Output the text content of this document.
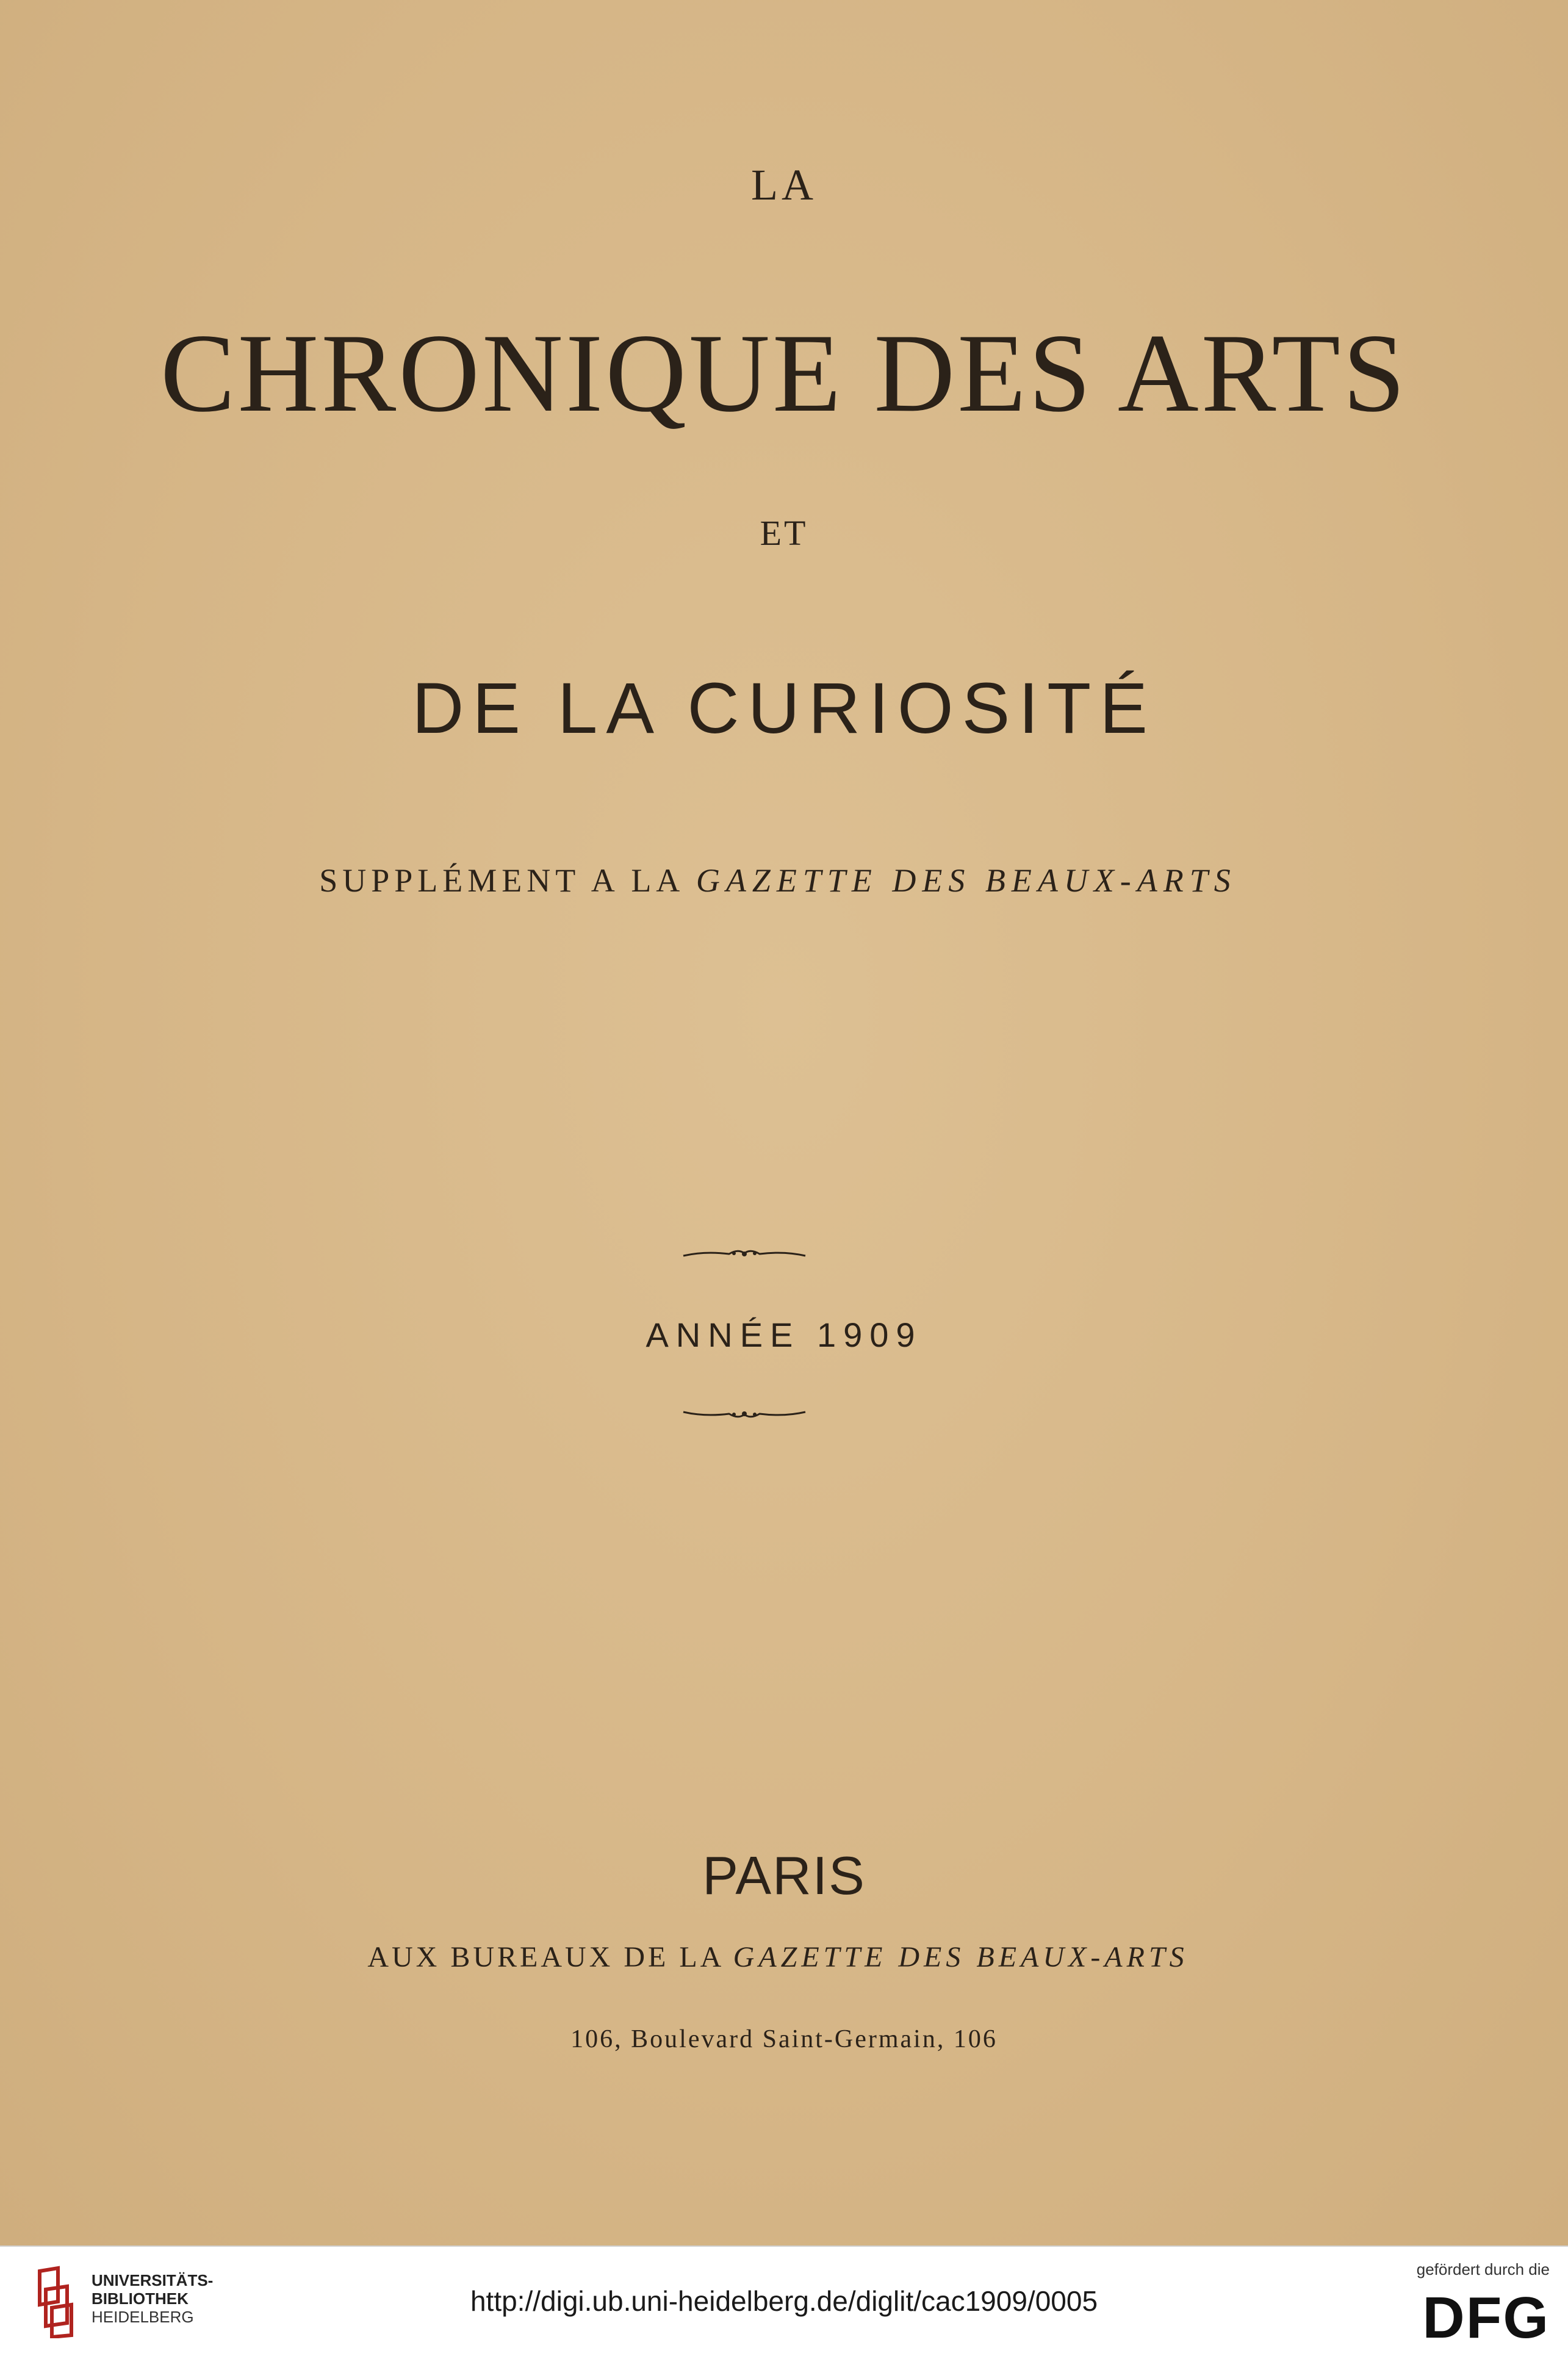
LA
CHRONIQUE DES ARTS
ET
DE LA CURIOSITÉ
SUPPLÉMENT A LA GAZETTE DES BEAUX-ARTS
ANNÉE 1909
PARIS
AUX BUREAUX DE LA GAZETTE DES BEAUX-ARTS
106, Boulevard Saint-Germain, 106
UNIVERSITÄTS-
BIBLIOTHEK
HEIDELBERG	http://digi.ub.uni-heidelberg.de/diglit/cac1909/0005
gefördert durch die
DFG
